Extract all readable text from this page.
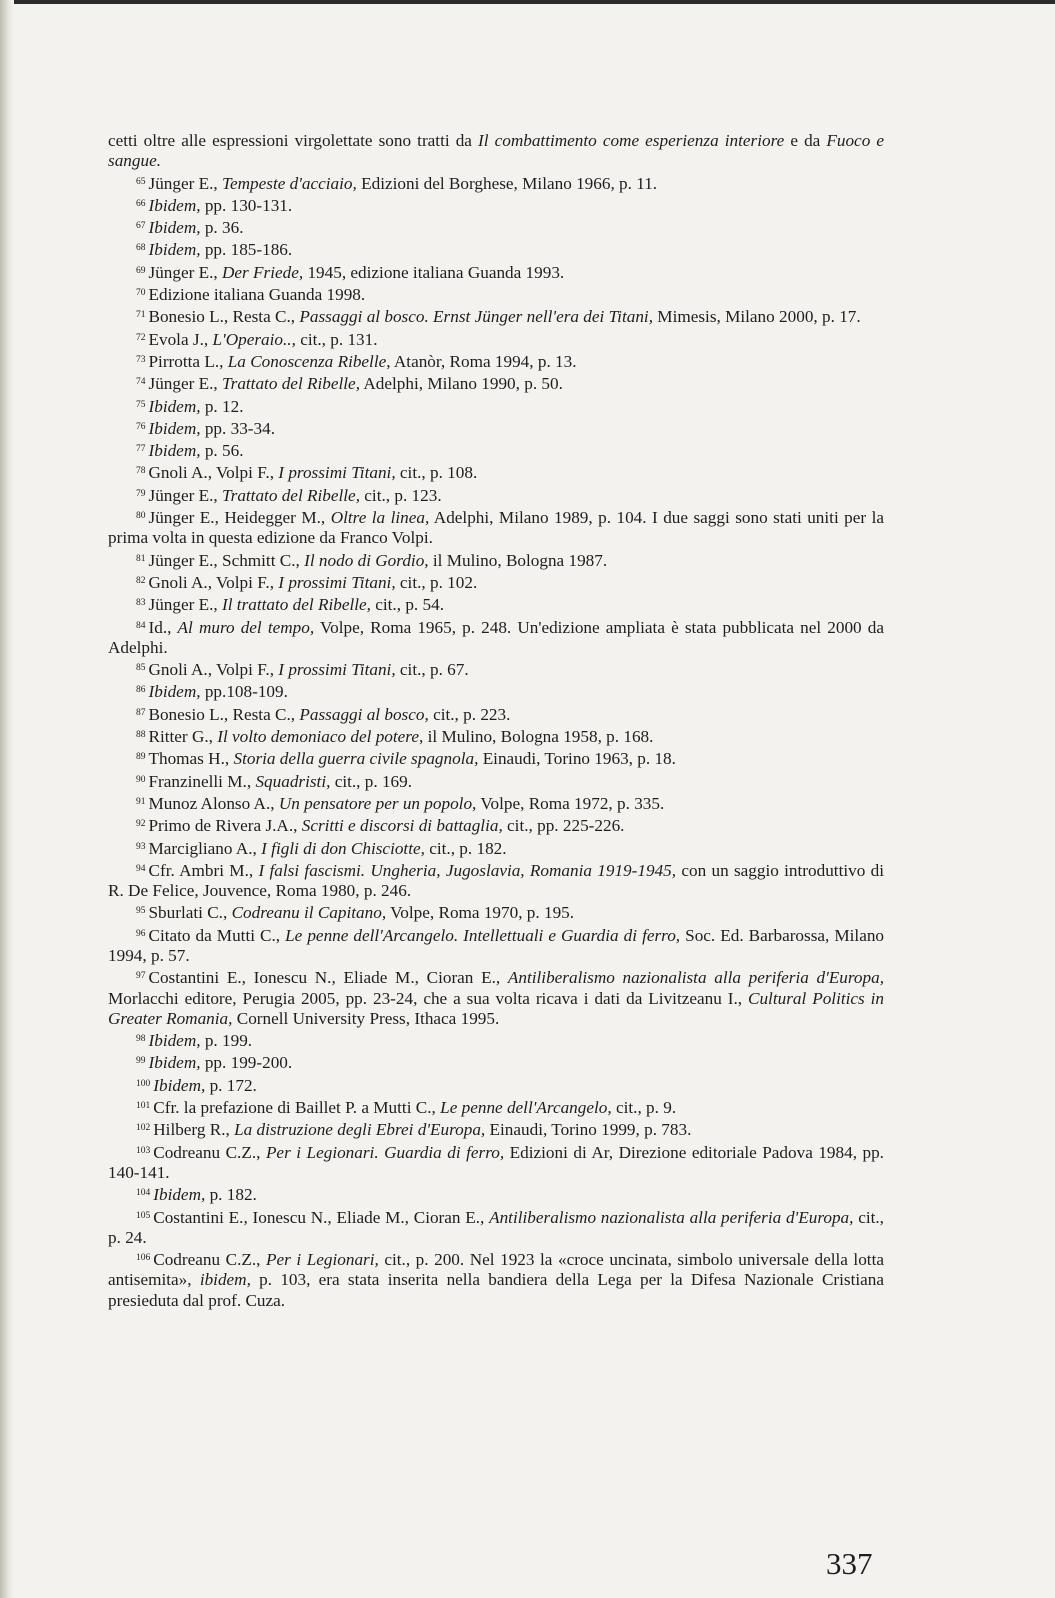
cetti oltre alle espressioni virgolettate sono tratti da Il combattimento come esperienza interiore e da Fuoco e sangue.

$^{65}$ Jünger E., Tempeste d'acciaio, Edizioni del Borghese, Milano 1966, p. 11.

$^{66}$ Ibidem, pp. 130-131.

$^{67}$ Ibidem, p. 36.

$^{68}$ Ibidem, pp. 185-186.

$^{69}$ Jünger E., Der Friede, 1945, edizione italiana Guanda 1993.

$^{70}$ Edizione italiana Guanda 1998.

$^{71}$ Bonesio L., Resta C., Passaggi al bosco. Ernst Jünger nell'era dei Titani, Mimesis, Milano 2000, p. 17.

$^{72}$ Evola J., L'Operaio.., cit., p. 131.

$^{73}$ Pirrotta L., La Conoscenza Ribelle, Atanòr, Roma 1994, p. 13.

$^{74}$ Jünger E., Trattato del Ribelle, Adelphi, Milano 1990, p. 50.

$^{75}$ Ibidem, p. 12.

$^{76}$ Ibidem, pp. 33-34.

$^{77}$ Ibidem, p. 56.

$^{78}$ Gnoli A., Volpi F., I prossimi Titani, cit., p. 108.

$^{79}$ Jünger E., Trattato del Ribelle, cit., p. 123.

$^{80}$ Jünger E., Heidegger M., Oltre la linea, Adelphi, Milano 1989, p. 104. I due saggi sono stati uniti per la prima volta in questa edizione da Franco Volpi.

$^{81}$ Jünger E., Schmitt C., Il nodo di Gordio, il Mulino, Bologna 1987.

$^{82}$ Gnoli A., Volpi F., I prossimi Titani, cit., p. 102.

$^{83}$ Jünger E., Il trattato del Ribelle, cit., p. 54.

$^{84}$ Id., Al muro del tempo, Volpe, Roma 1965, p. 248. Un'edizione ampliata è stata pubblicata nel 2000 da Adelphi.

$^{85}$ Gnoli A., Volpi F., I prossimi Titani, cit., p. 67.

$^{86}$ Ibidem, pp.108-109.

$^{87}$ Bonesio L., Resta C., Passaggi al bosco, cit., p. 223.

$^{88}$ Ritter G., Il volto demoniaco del potere, il Mulino, Bologna 1958, p. 168.

$^{89}$ Thomas H., Storia della guerra civile spagnola, Einaudi, Torino 1963, p. 18.

$^{90}$ Franzinelli M., Squadristi, cit., p. 169.

$^{91}$ Munoz Alonso A., Un pensatore per un popolo, Volpe, Roma 1972, p. 335.

$^{92}$ Primo de Rivera J.A., Scritti e discorsi di battaglia, cit., pp. 225-226.

$^{93}$ Marcigliano A., I figli di don Chisciotte, cit., p. 182.

$^{94}$ Cfr. Ambri M., I falsi fascismi. Ungheria, Jugoslavia, Romania 1919-1945, con un saggio introduttivo di R. De Felice, Jouvence, Roma 1980, p. 246.

$^{95}$ Sburlati C., Codreanu il Capitano, Volpe, Roma 1970, p. 195.

$^{96}$ Citato da Mutti C., Le penne dell'Arcangelo. Intellettuali e Guardia di ferro, Soc. Ed. Barbarossa, Milano 1994, p. 57.

$^{97}$ Costantini E., Ionescu N., Eliade M., Cioran E., Antiliberalismo nazionalista alla periferia d'Europa, Morlacchi editore, Perugia 2005, pp. 23-24, che a sua volta ricava i dati da Livitzeanu I., Cultural Politics in Greater Romania, Cornell University Press, Ithaca 1995.

$^{98}$ Ibidem, p. 199.

$^{99}$ Ibidem, pp. 199-200.

$^{100}$ Ibidem, p. 172.

$^{101}$ Cfr. la prefazione di Baillet P. a Mutti C., Le penne dell'Arcangelo, cit., p. 9.

$^{102}$ Hilberg R., La distruzione degli Ebrei d'Europa, Einaudi, Torino 1999, p. 783.

$^{103}$ Codreanu C.Z., Per i Legionari. Guardia di ferro, Edizioni di Ar, Direzione editoriale Padova 1984, pp. 140-141.

$^{104}$ Ibidem, p. 182.

$^{105}$ Costantini E., Ionescu N., Eliade M., Cioran E., Antiliberalismo nazionalista alla periferia d'Europa, cit., p. 24.

$^{106}$ Codreanu C.Z., Per i Legionari, cit., p. 200. Nel 1923 la «croce uncinata, simbolo universale della lotta antisemita», ibidem, p. 103, era stata inserita nella bandiera della Lega per la Difesa Nazionale Cristiana presieduta dal prof. Cuza.

337
